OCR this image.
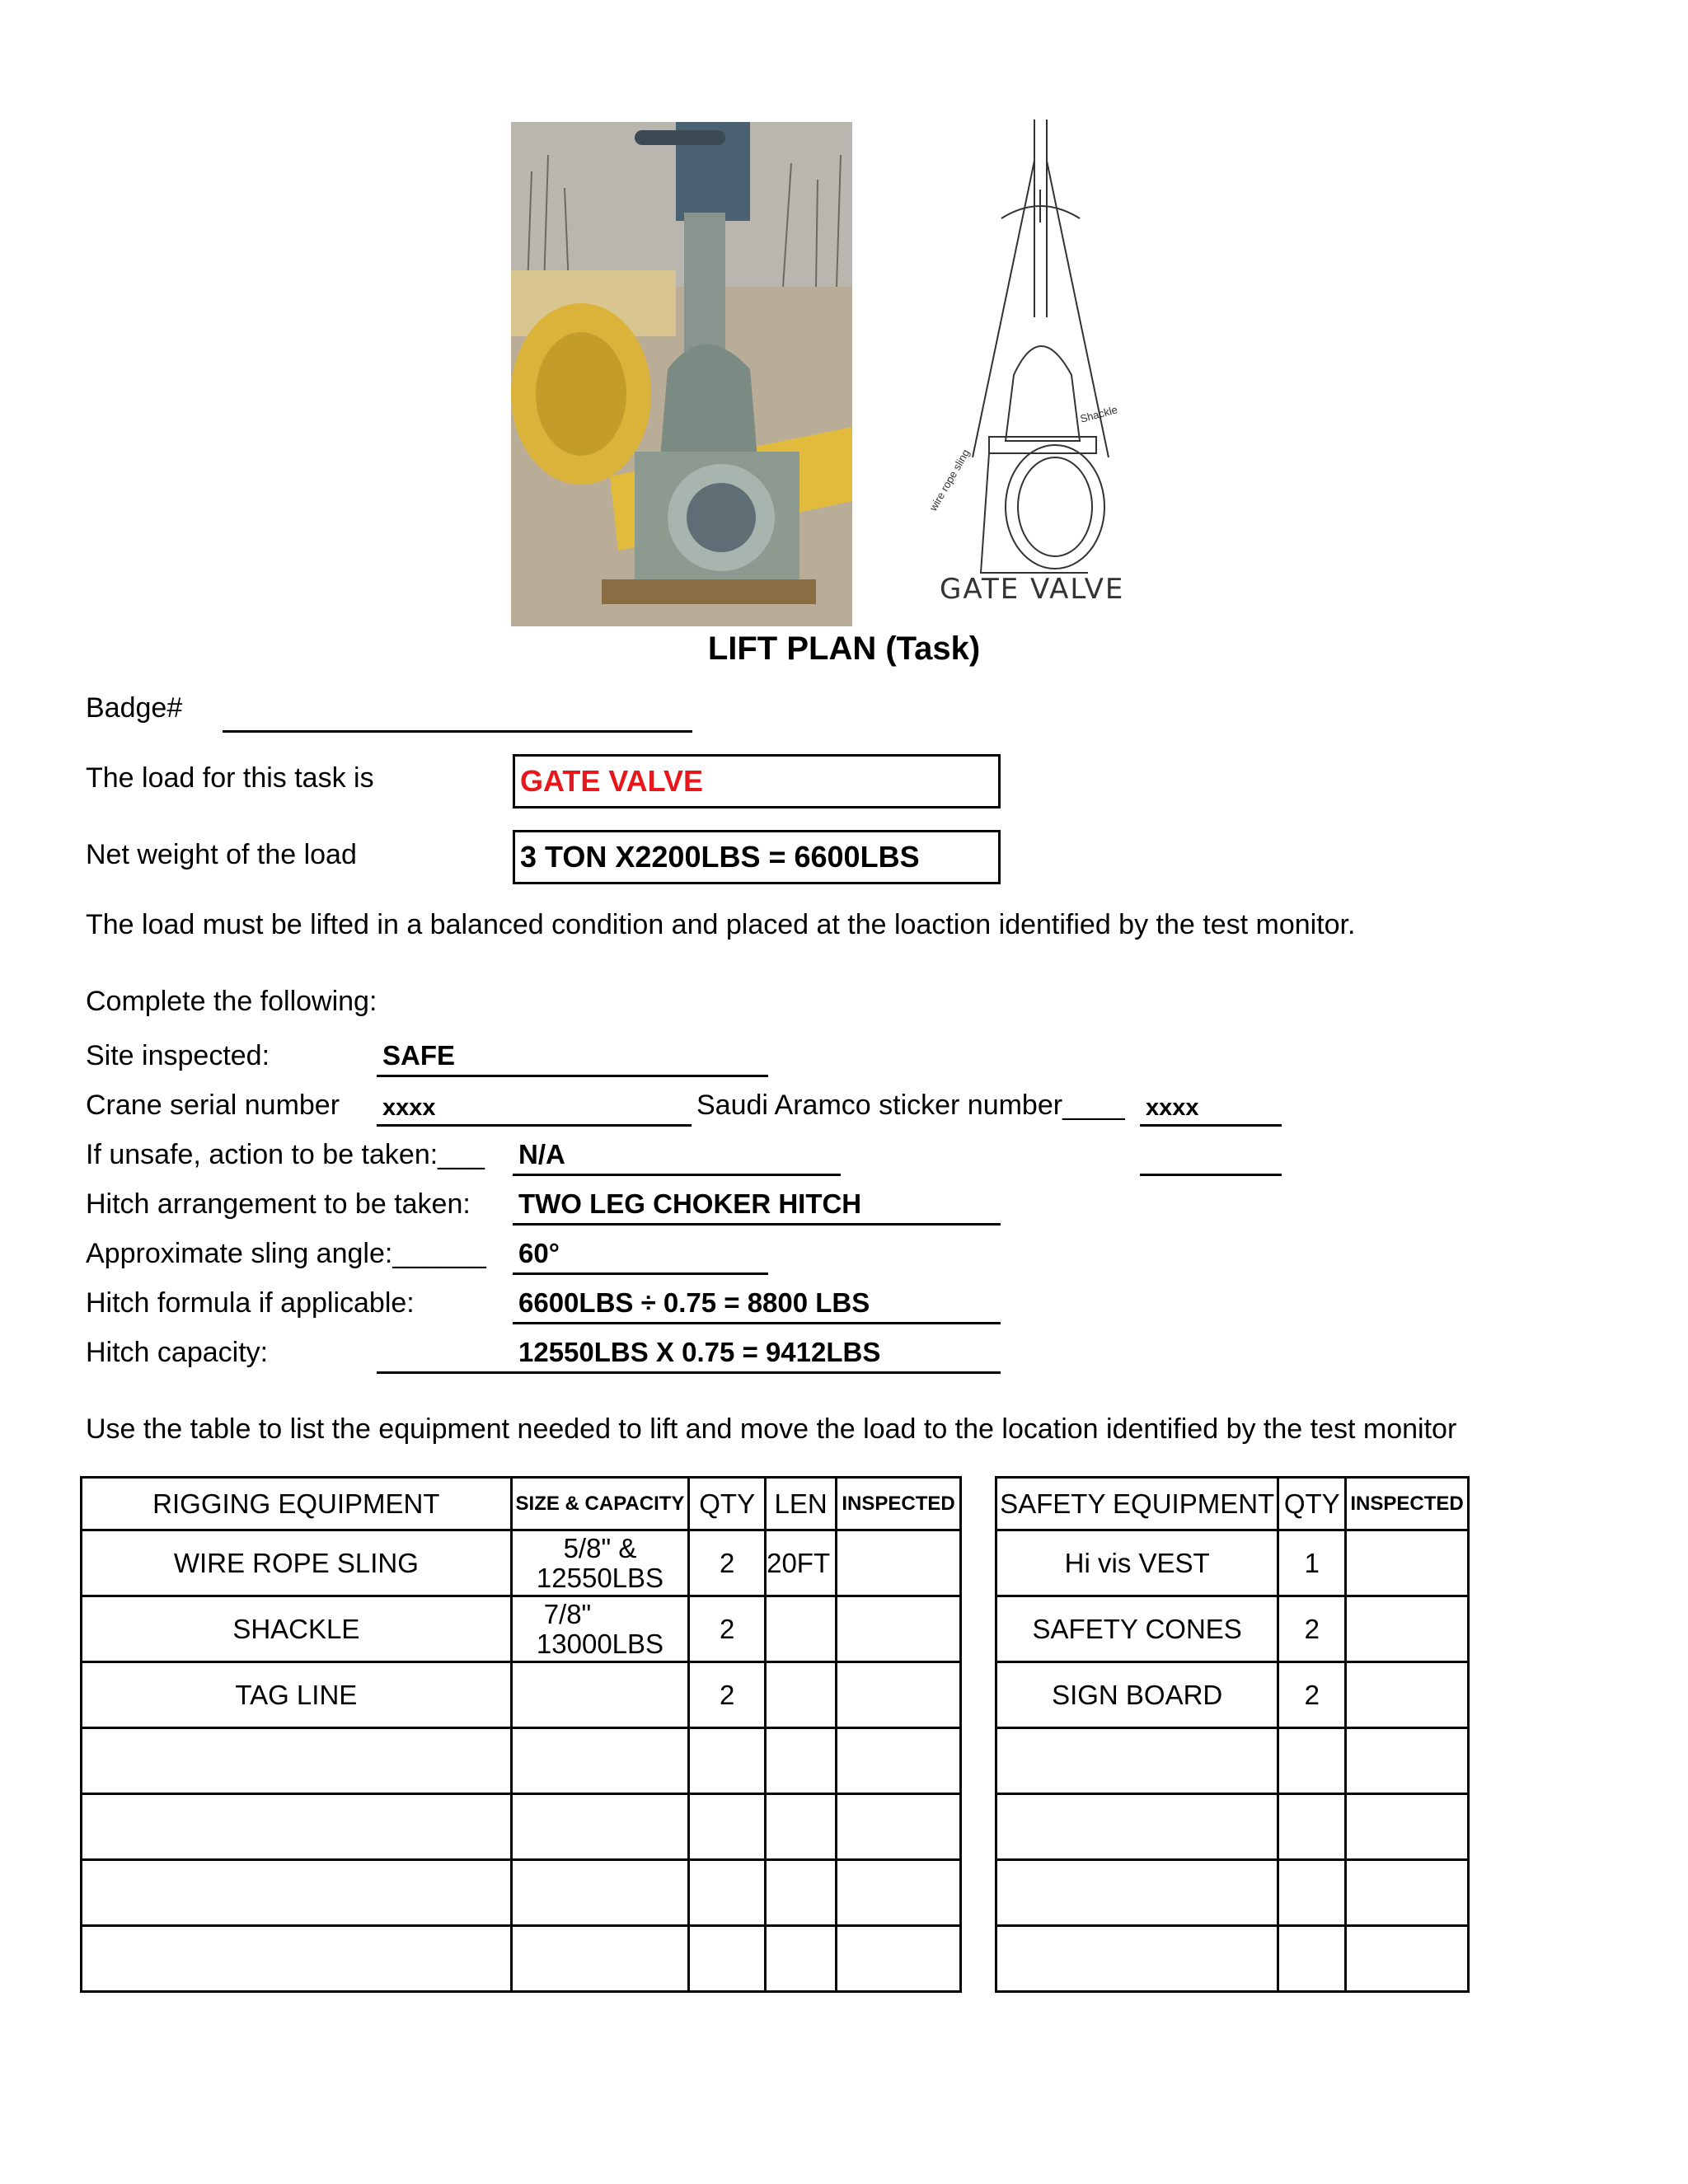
GATE VALVE
Shackle
wire rope sling
LIFT PLAN (Task)
Badge#
The load for this task is	GATE VALVE
Net weight of the load	3 TON X2200LBS = 6600LBS
The load must be lifted in a balanced condition and placed at the loaction identified by the test monitor.
Complete the following:
Site inspected:	SAFE
Crane serial number xxxx	Saudi Aramco sticker number____ xxxx
If unsafe, action to be taken:___ N/A
Hitch arrangement to be taken: TWO LEG CHOKER HITCH
Approximate sling angle:______ 60°
Hitch formula if applicable:	6600LBS ÷ 0.75 = 8800 LBS
Hitch capacity:	12550LBS X 0.75 = 9412LBS
Use the table to list the equipment needed to lift and move the load to the location identified by the test monitor
RIGGING EQUIPMENT	SIZE & CAPACITY	QTY	LEN	INSPECTED
WIRE ROPE SLING	5/8" &
12550LBS	2	20FT	
SHACKLE	7/8"
13000LBS	2		
TAG LINE		2		

SAFETY EQUIPMENT	QTY	INSPECTED
Hi vis VEST	1	
SAFETY CONES	2	
SIGN BOARD	2	
